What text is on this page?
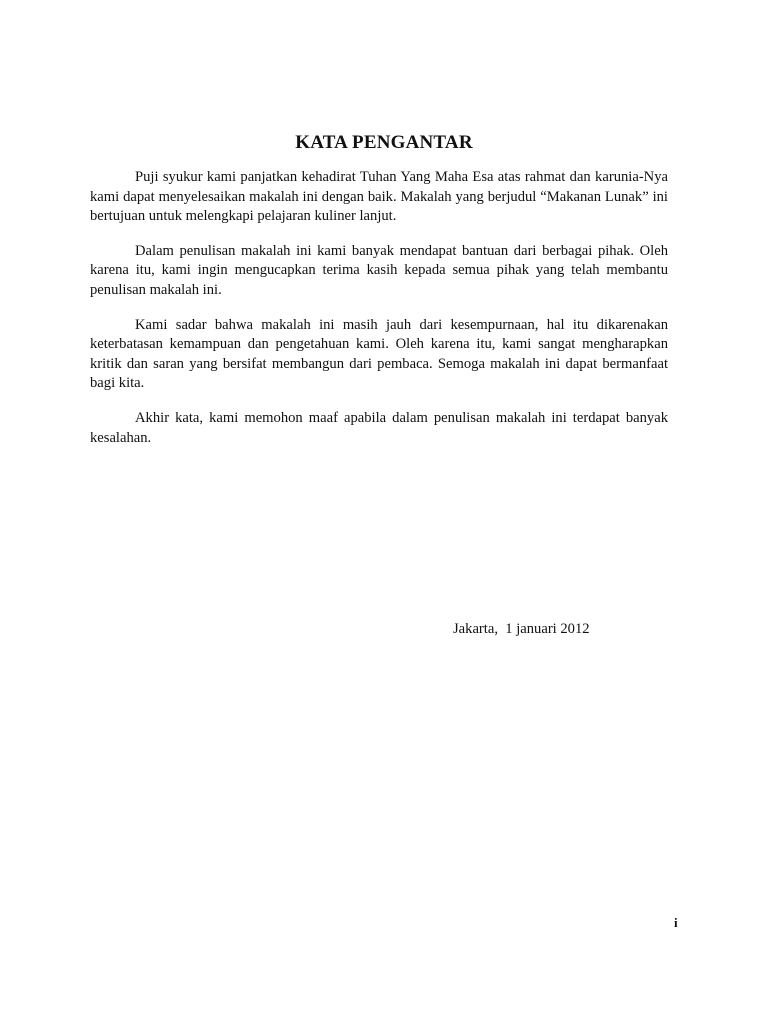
KATA PENGANTAR

Puji syukur kami panjatkan kehadirat Tuhan Yang Maha Esa atas rahmat dan karunia-Nya kami dapat menyelesaikan makalah ini dengan baik. Makalah yang berjudul “Makanan Lunak” ini bertujuan untuk melengkapi pelajaran kuliner lanjut.

Dalam penulisan makalah ini kami banyak mendapat bantuan dari berbagai pihak. Oleh karena itu, kami ingin mengucapkan terima kasih kepada semua pihak yang telah membantu penulisan makalah ini.

Kami sadar bahwa makalah ini masih jauh dari kesempurnaan, hal itu dikarenakan keterbatasan kemampuan dan pengetahuan kami. Oleh karena itu, kami sangat mengharapkan kritik dan saran yang bersifat membangun dari pembaca. Semoga makalah ini dapat bermanfaat bagi kita.

Akhir kata, kami memohon maaf apabila dalam penulisan makalah ini terdapat banyak kesalahan.

Jakarta,  1 januari 2012
i
